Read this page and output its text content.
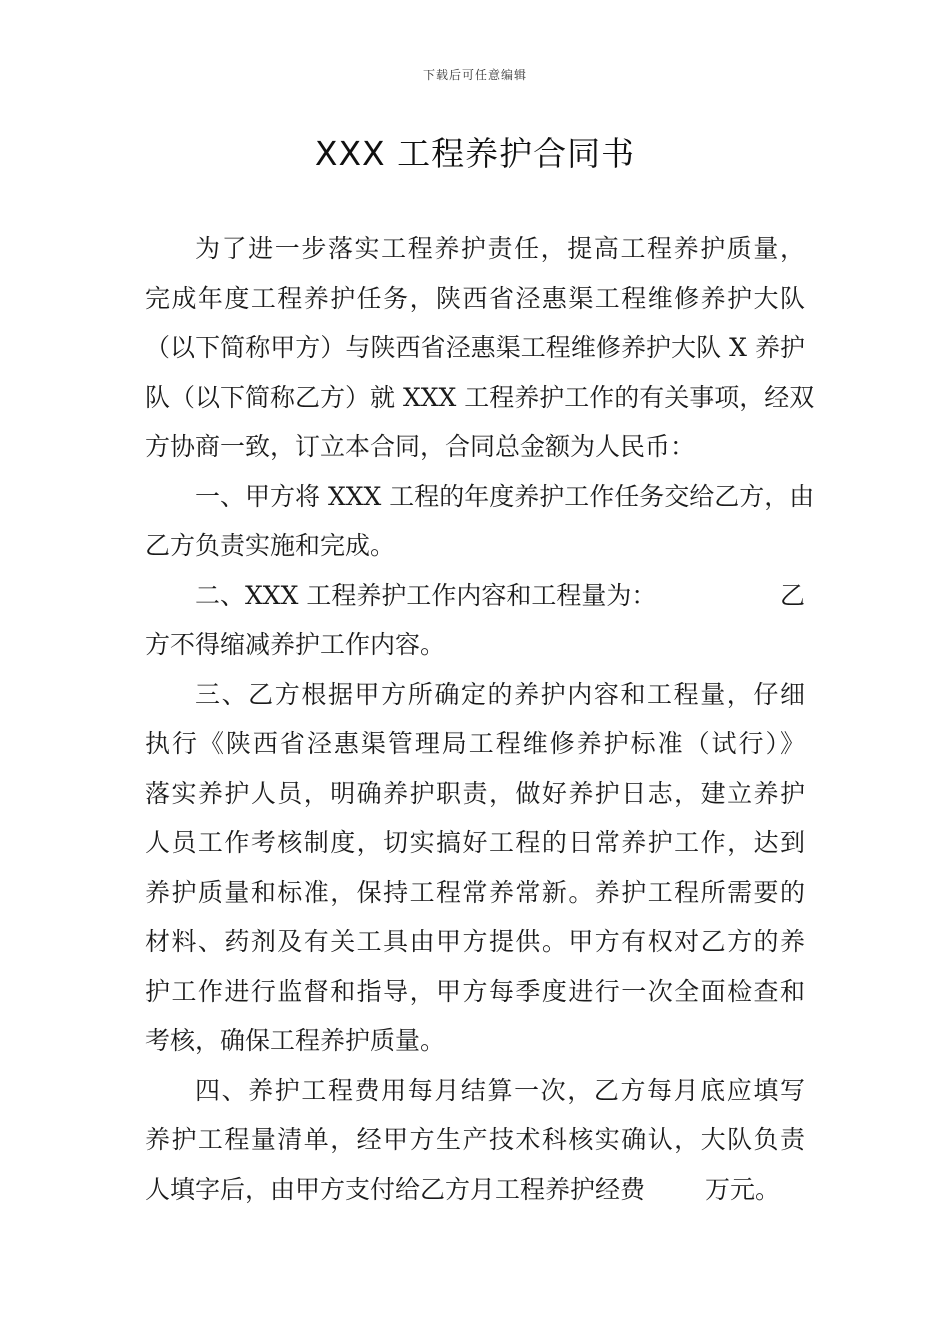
下载后可任意编辑
XXX 工程养护合同书

为了进一步落实工程养护责任，提高工程养护质量，
完成年度工程养护任务，陕西省泾惠渠工程维修养护大队
（以下简称甲方）与陕西省泾惠渠工程维修养护大队 X 养护
队（以下简称乙方）就 XXX 工程养护工作的有关事项，经双
方协商一致，订立本合同，合同总金额为人民币：

一、甲方将 XXX 工程的年度养护工作任务交给乙方，由
乙方负责实施和完成。

二、XXX 工程养护工作内容和工程量为：	乙
方不得缩减养护工作内容。

三、乙方根据甲方所确定的养护内容和工程量，仔细
执行《陕西省泾惠渠管理局工程维修养护标准（试行）》
落实养护人员，明确养护职责，做好养护日志，建立养护
人员工作考核制度，切实搞好工程的日常养护工作，达到
养护质量和标准，保持工程常养常新。养护工程所需要的
材料、药剂及有关工具由甲方提供。甲方有权对乙方的养
护工作进行监督和指导，甲方每季度进行一次全面检查和
考核，确保工程养护质量。

四、养护工程费用每月结算一次，乙方每月底应填写
养护工程量清单，经甲方生产技术科核实确认，大队负责
人填字后，由甲方支付给乙方月工程养护经费 万元。
